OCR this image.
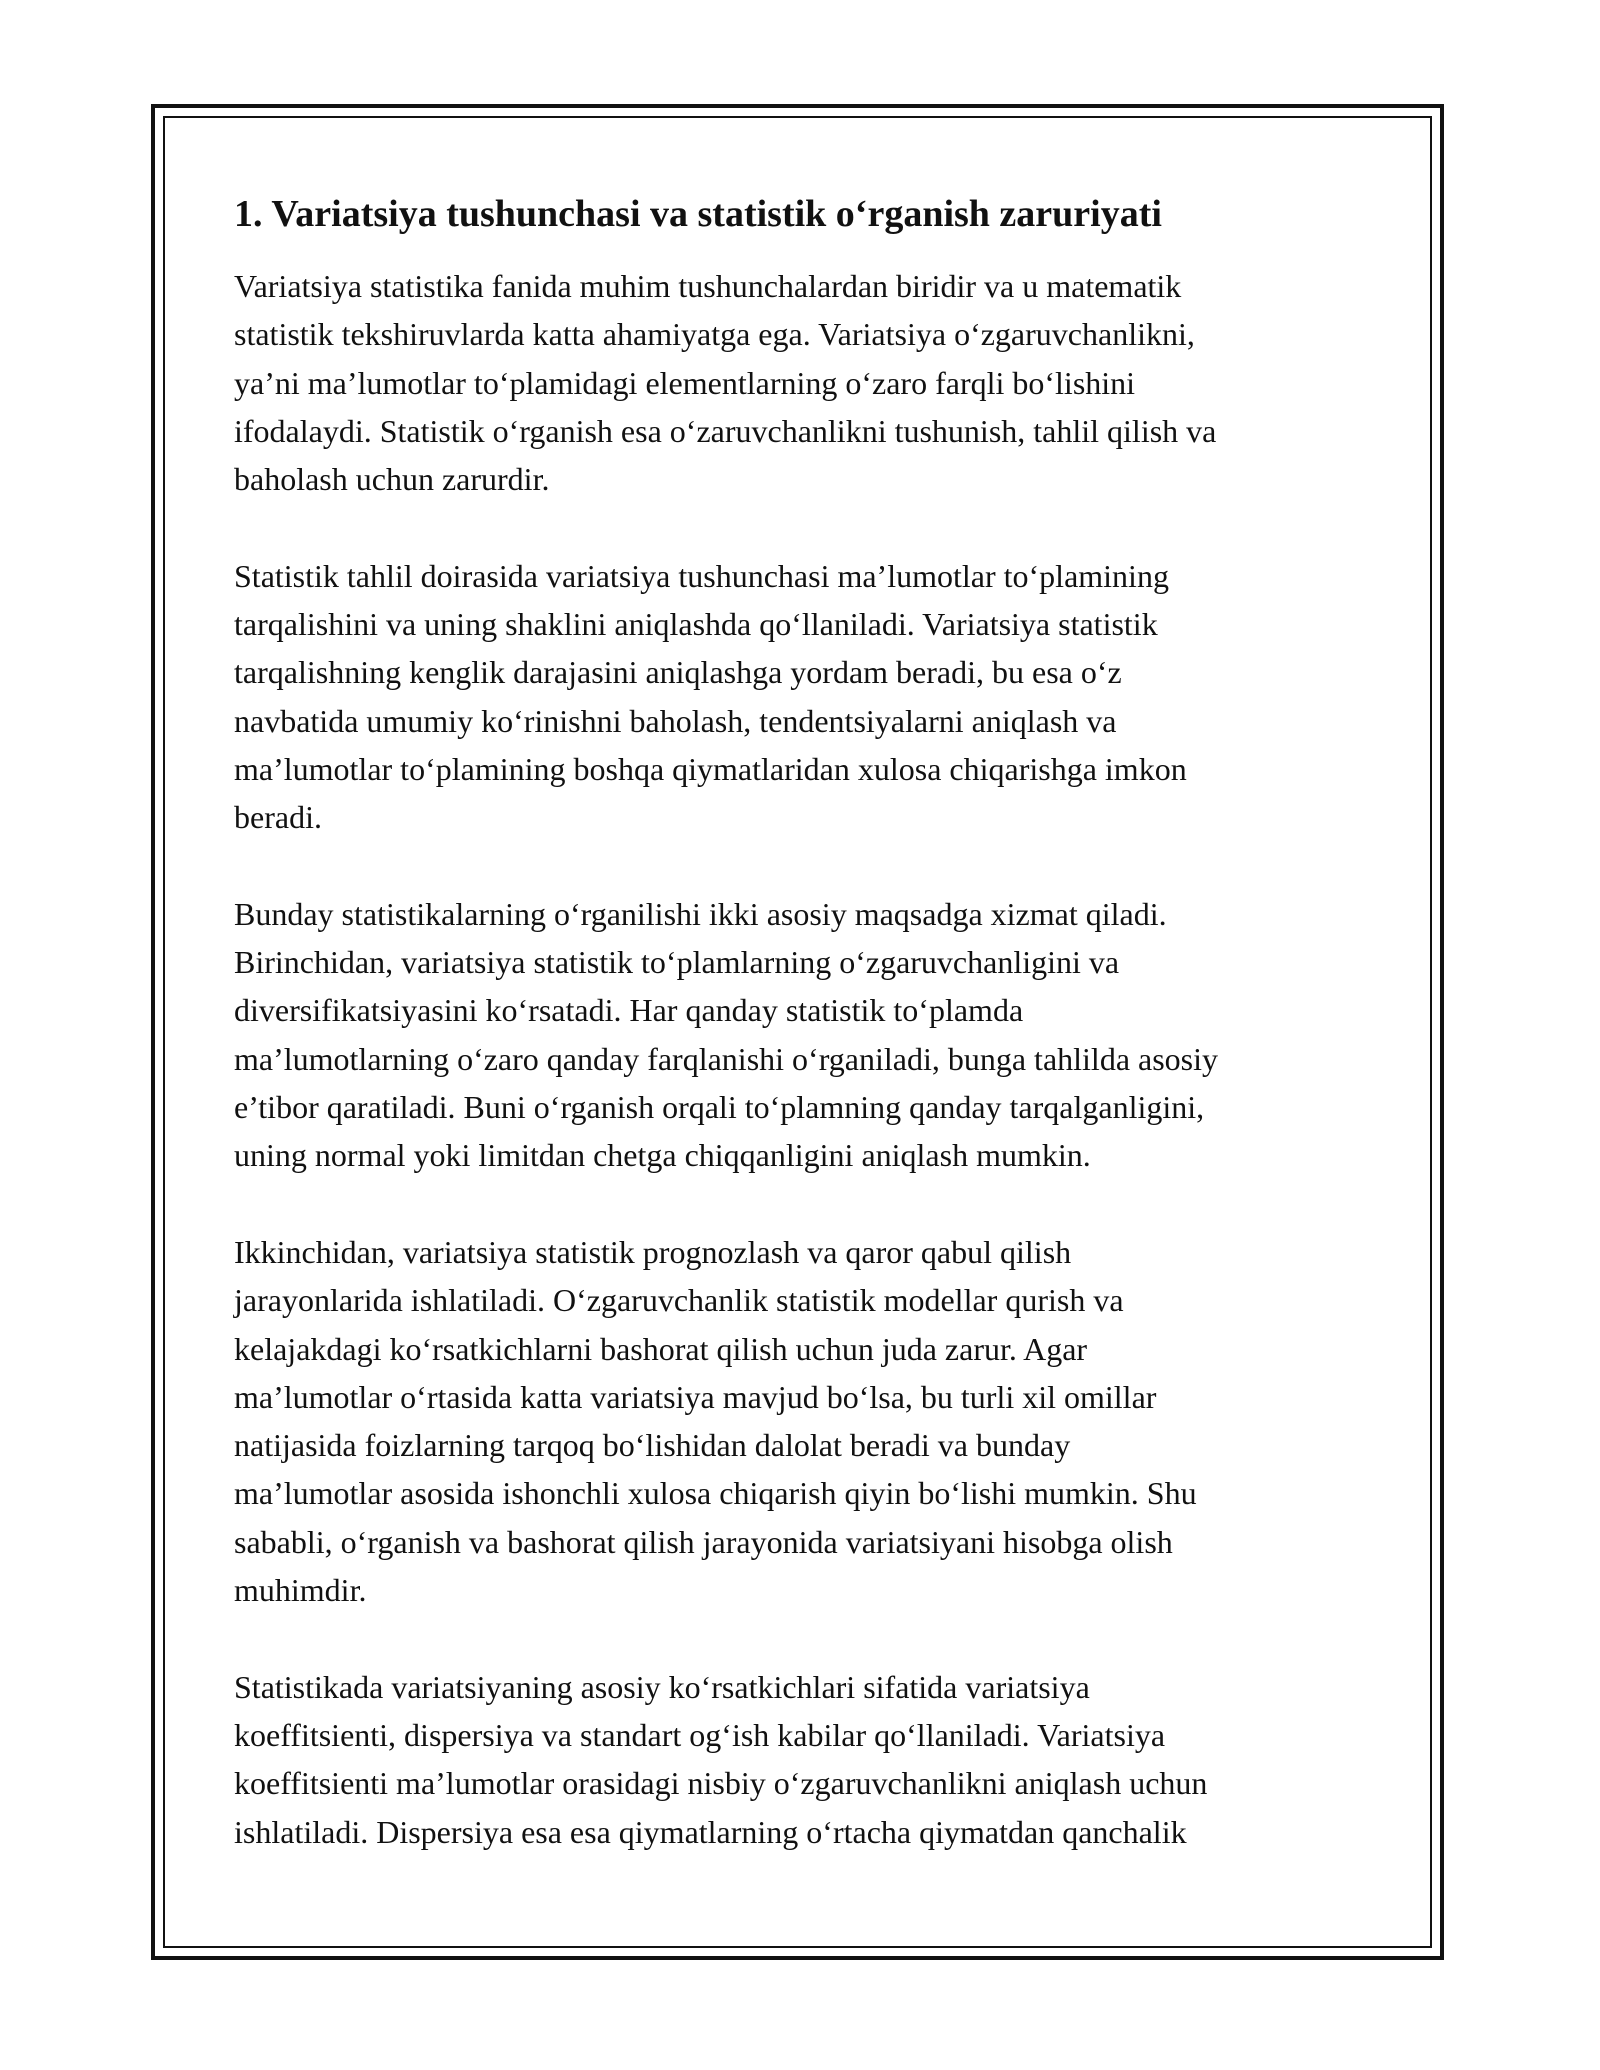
1. Variatsiya tushunchasi va statistik o‘rganish zaruriyati

Variatsiya statistika fanida muhim tushunchalardan biridir va u matematik
statistik tekshiruvlarda katta ahamiyatga ega. Variatsiya o‘zgaruvchanlikni,
ya’ni ma’lumotlar to‘plamidagi elementlarning o‘zaro farqli bo‘lishini
ifodalaydi. Statistik o‘rganish esa o‘zaruvchanlikni tushunish, tahlil qilish va
baholash uchun zarurdir.

Statistik tahlil doirasida variatsiya tushunchasi ma’lumotlar to‘plamining
tarqalishini va uning shaklini aniqlashda qo‘llaniladi. Variatsiya statistik
tarqalishning kenglik darajasini aniqlashga yordam beradi, bu esa o‘z
navbatida umumiy ko‘rinishni baholash, tendentsiyalarni aniqlash va
ma’lumotlar to‘plamining boshqa qiymatlaridan xulosa chiqarishga imkon
beradi.

Bunday statistikalarning o‘rganilishi ikki asosiy maqsadga xizmat qiladi.
Birinchidan, variatsiya statistik to‘plamlarning o‘zgaruvchanligini va
diversifikatsiyasini ko‘rsatadi. Har qanday statistik to‘plamda
ma’lumotlarning o‘zaro qanday farqlanishi o‘rganiladi, bunga tahlilda asosiy
e’tibor qaratiladi. Buni o‘rganish orqali to‘plamning qanday tarqalganligini,
uning normal yoki limitdan chetga chiqqanligini aniqlash mumkin.

Ikkinchidan, variatsiya statistik prognozlash va qaror qabul qilish
jarayonlarida ishlatiladi. O‘zgaruvchanlik statistik modellar qurish va
kelajakdagi ko‘rsatkichlarni bashorat qilish uchun juda zarur. Agar
ma’lumotlar o‘rtasida katta variatsiya mavjud bo‘lsa, bu turli xil omillar
natijasida foizlarning tarqoq bo‘lishidan dalolat beradi va bunday
ma’lumotlar asosida ishonchli xulosa chiqarish qiyin bo‘lishi mumkin. Shu
sababli, o‘rganish va bashorat qilish jarayonida variatsiyani hisobga olish
muhimdir.

Statistikada variatsiyaning asosiy ko‘rsatkichlari sifatida variatsiya
koeffitsienti, dispersiya va standart og‘ish kabilar qo‘llaniladi. Variatsiya
koeffitsienti ma’lumotlar orasidagi nisbiy o‘zgaruvchanlikni aniqlash uchun
ishlatiladi. Dispersiya esa esa qiymatlarning o‘rtacha qiymatdan qanchalik
